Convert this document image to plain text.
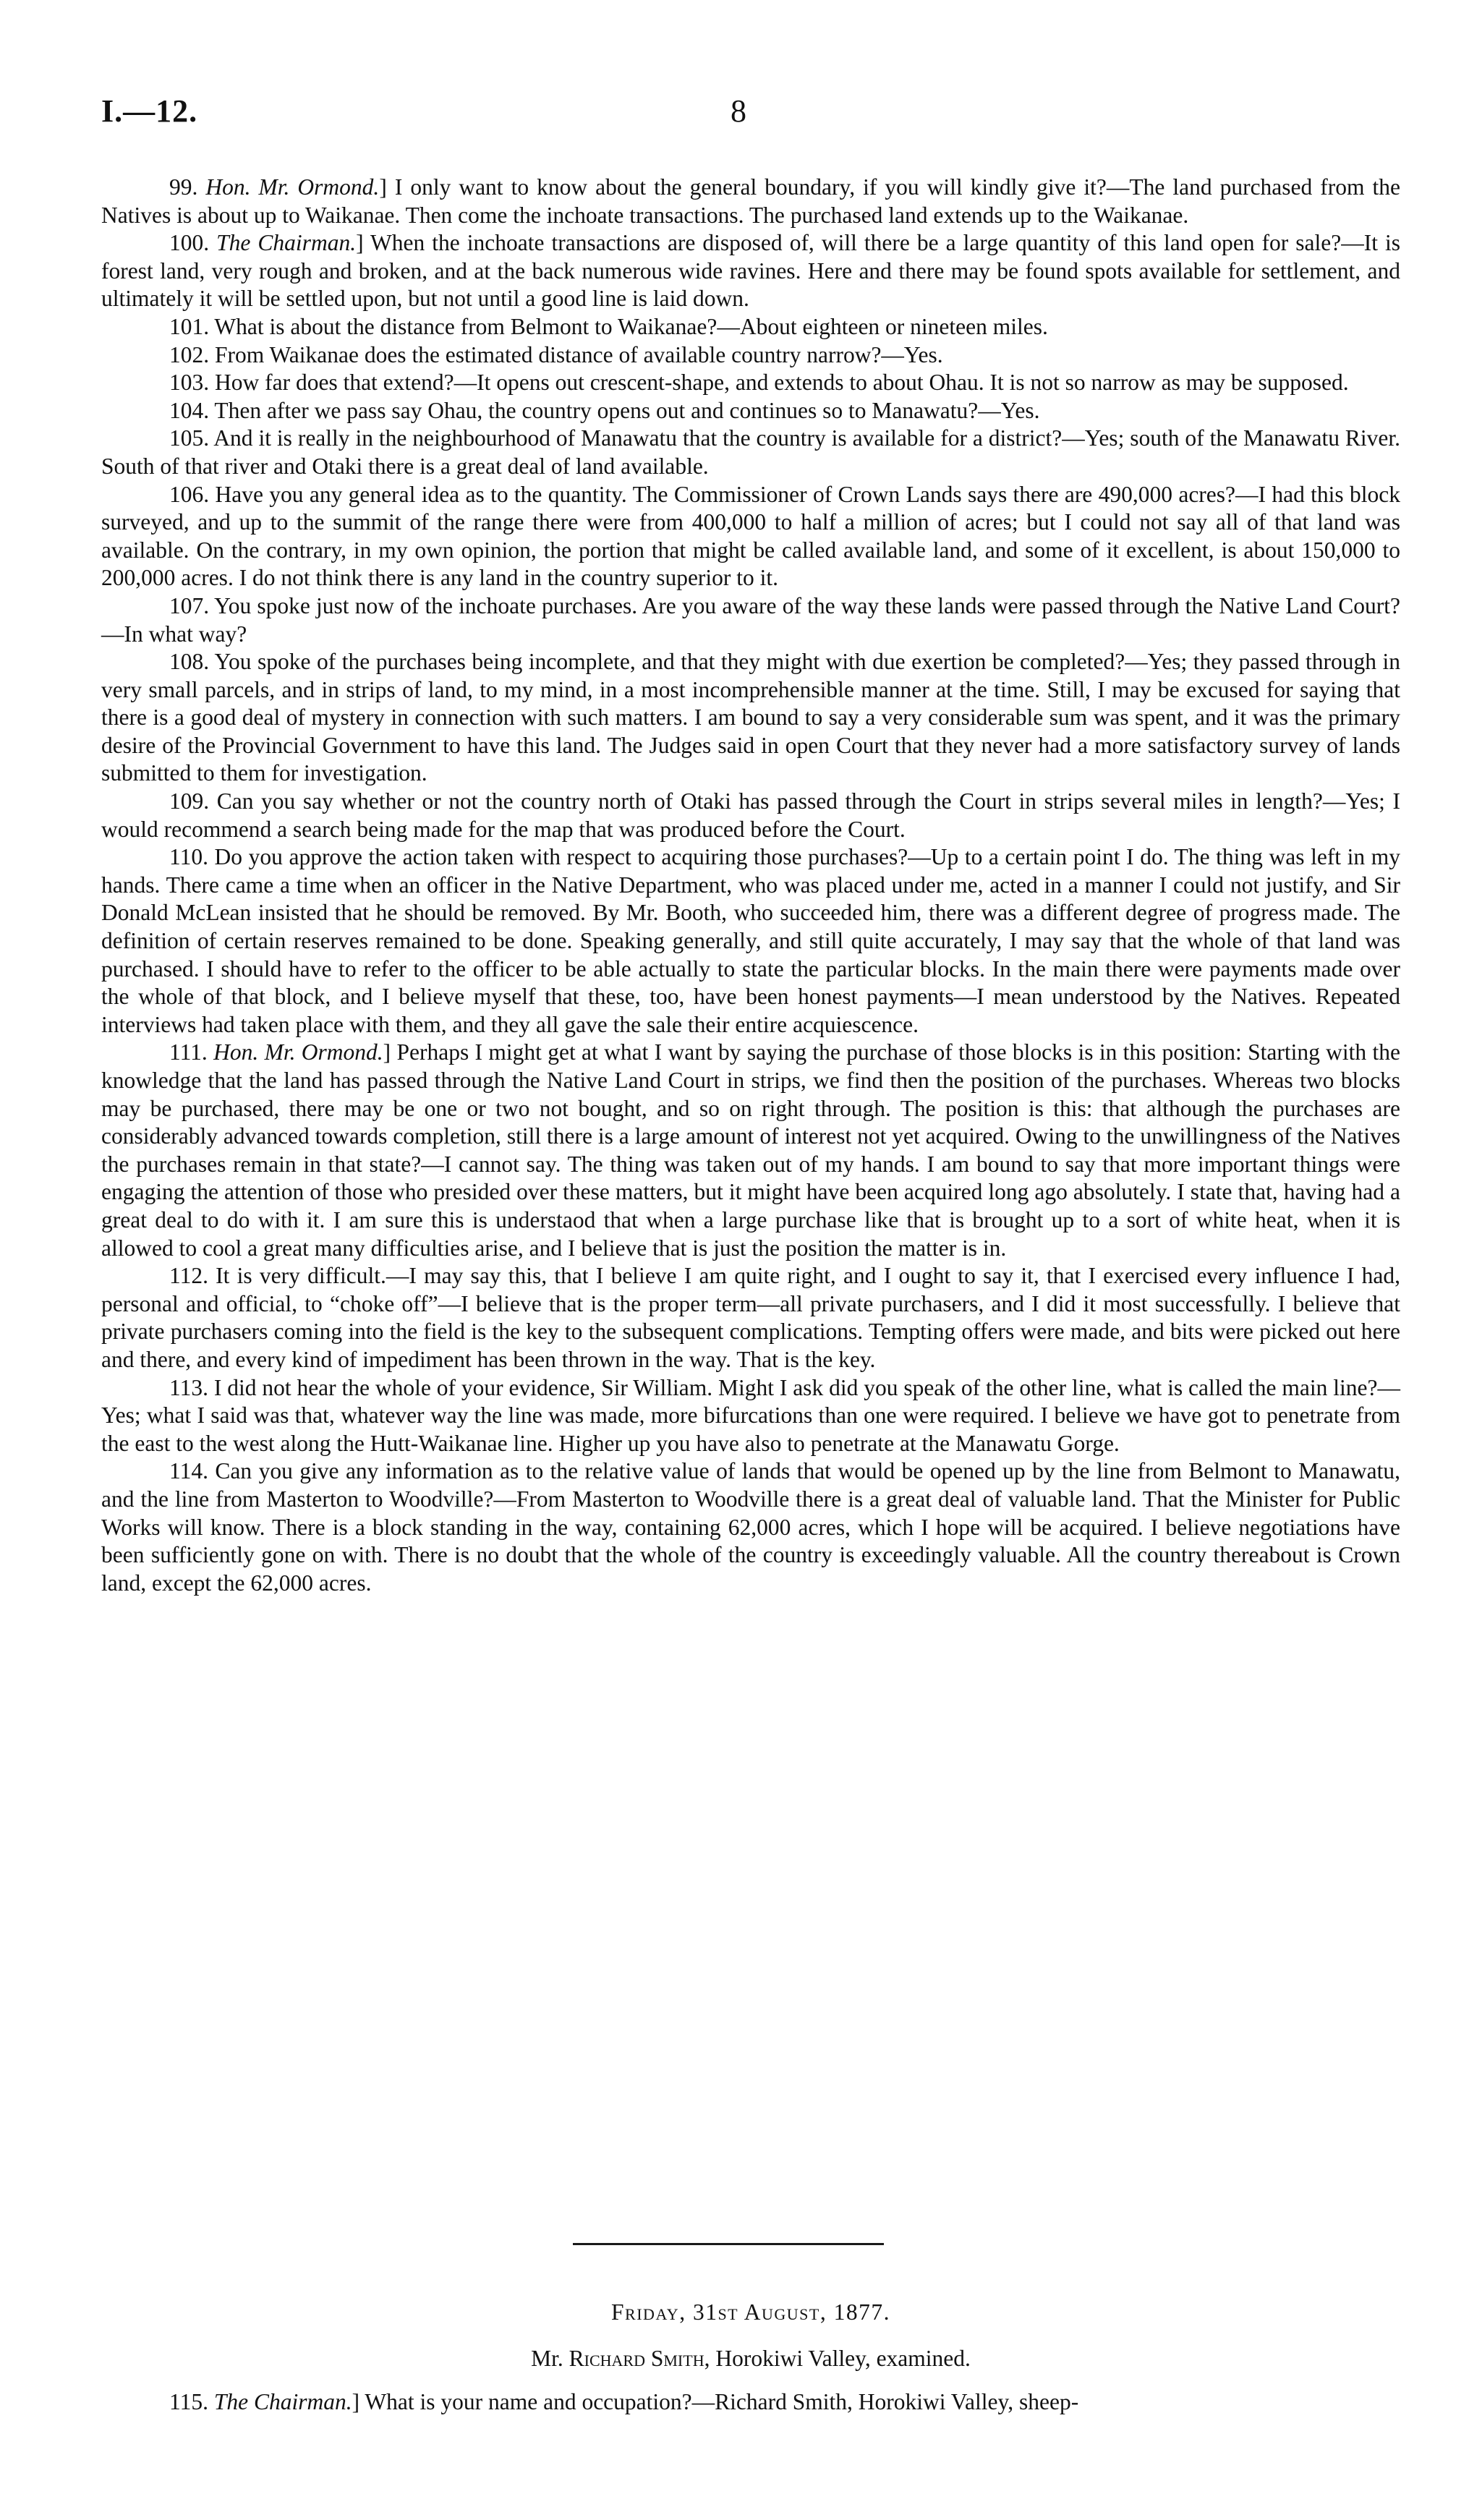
I.—12.	8

99. Hon. Mr. Ormond.] I only want to know about the general boundary, if you will kindly give it?—The land purchased from the Natives is about up to Waikanae. Then come the inchoate transactions. The purchased land extends up to the Waikanae.

100. The Chairman.] When the inchoate transactions are disposed of, will there be a large quantity of this land open for sale?—It is forest land, very rough and broken, and at the back numerous wide ravines. Here and there may be found spots available for settlement, and ultimately it will be settled upon, but not until a good line is laid down.

101. What is about the distance from Belmont to Waikanae?—About eighteen or nineteen miles.

102. From Waikanae does the estimated distance of available country narrow?—Yes.

103. How far does that extend?—It opens out crescent-shape, and extends to about Ohau. It is not so narrow as may be supposed.

104. Then after we pass say Ohau, the country opens out and continues so to Manawatu?—Yes.

105. And it is really in the neighbourhood of Manawatu that the country is available for a district?—Yes; south of the Manawatu River. South of that river and Otaki there is a great deal of land available.

106. Have you any general idea as to the quantity. The Commissioner of Crown Lands says there are 490,000 acres?—I had this block surveyed, and up to the summit of the range there were from 400,000 to half a million of acres; but I could not say all of that land was available. On the contrary, in my own opinion, the portion that might be called available land, and some of it excellent, is about 150,000 to 200,000 acres. I do not think there is any land in the country superior to it.

107. You spoke just now of the inchoate purchases. Are you aware of the way these lands were passed through the Native Land Court?—In what way?

108. You spoke of the purchases being incomplete, and that they might with due exertion be completed?—Yes; they passed through in very small parcels, and in strips of land, to my mind, in a most incomprehensible manner at the time. Still, I may be excused for saying that there is a good deal of mystery in connection with such matters. I am bound to say a very considerable sum was spent, and it was the primary desire of the Provincial Government to have this land. The Judges said in open Court that they never had a more satisfactory survey of lands submitted to them for investigation.

109. Can you say whether or not the country north of Otaki has passed through the Court in strips several miles in length?—Yes; I would recommend a search being made for the map that was produced before the Court.

110. Do you approve the action taken with respect to acquiring those purchases?—Up to a certain point I do. The thing was left in my hands. There came a time when an officer in the Native Department, who was placed under me, acted in a manner I could not justify, and Sir Donald McLean insisted that he should be removed. By Mr. Booth, who succeeded him, there was a different degree of progress made. The definition of certain reserves remained to be done. Speaking generally, and still quite accurately, I may say that the whole of that land was purchased. I should have to refer to the officer to be able actually to state the particular blocks. In the main there were payments made over the whole of that block, and I believe myself that these, too, have been honest payments—I mean understood by the Natives. Repeated interviews had taken place with them, and they all gave the sale their entire acquiescence.

111. Hon. Mr. Ormond.] Perhaps I might get at what I want by saying the purchase of those blocks is in this position: Starting with the knowledge that the land has passed through the Native Land Court in strips, we find then the position of the purchases. Whereas two blocks may be purchased, there may be one or two not bought, and so on right through. The position is this: that although the purchases are considerably advanced towards completion, still there is a large amount of interest not yet acquired. Owing to the unwillingness of the Natives the purchases remain in that state?—I cannot say. The thing was taken out of my hands. I am bound to say that more important things were engaging the attention of those who presided over these matters, but it might have been acquired long ago absolutely. I state that, having had a great deal to do with it. I am sure this is understaod that when a large purchase like that is brought up to a sort of white heat, when it is allowed to cool a great many difficulties arise, and I believe that is just the position the matter is in.

112. It is very difficult.—I may say this, that I believe I am quite right, and I ought to say it, that I exercised every influence I had, personal and official, to “choke off”—I believe that is the proper term—all private purchasers, and I did it most successfully. I believe that private purchasers coming into the field is the key to the subsequent complications. Tempting offers were made, and bits were picked out here and there, and every kind of impediment has been thrown in the way. That is the key.

113. I did not hear the whole of your evidence, Sir William. Might I ask did you speak of the other line, what is called the main line?—Yes; what I said was that, whatever way the line was made, more bifurcations than one were required. I believe we have got to penetrate from the east to the west along the Hutt-Waikanae line. Higher up you have also to penetrate at the Manawatu Gorge.

114. Can you give any information as to the relative value of lands that would be opened up by the line from Belmont to Manawatu, and the line from Masterton to Woodville?—From Masterton to Woodville there is a great deal of valuable land. That the Minister for Public Works will know. There is a block standing in the way, containing 62,000 acres, which I hope will be acquired. I believe negotiations have been sufficiently gone on with. There is no doubt that the whole of the country is exceedingly valuable. All the country thereabout is Crown land, except the 62,000 acres.

Friday, 31st August, 1877.
Mr. Richard Smith, Horokiwi Valley, examined.
115. The Chairman.] What is your name and occupation?—Richard Smith, Horokiwi Valley, sheep-
